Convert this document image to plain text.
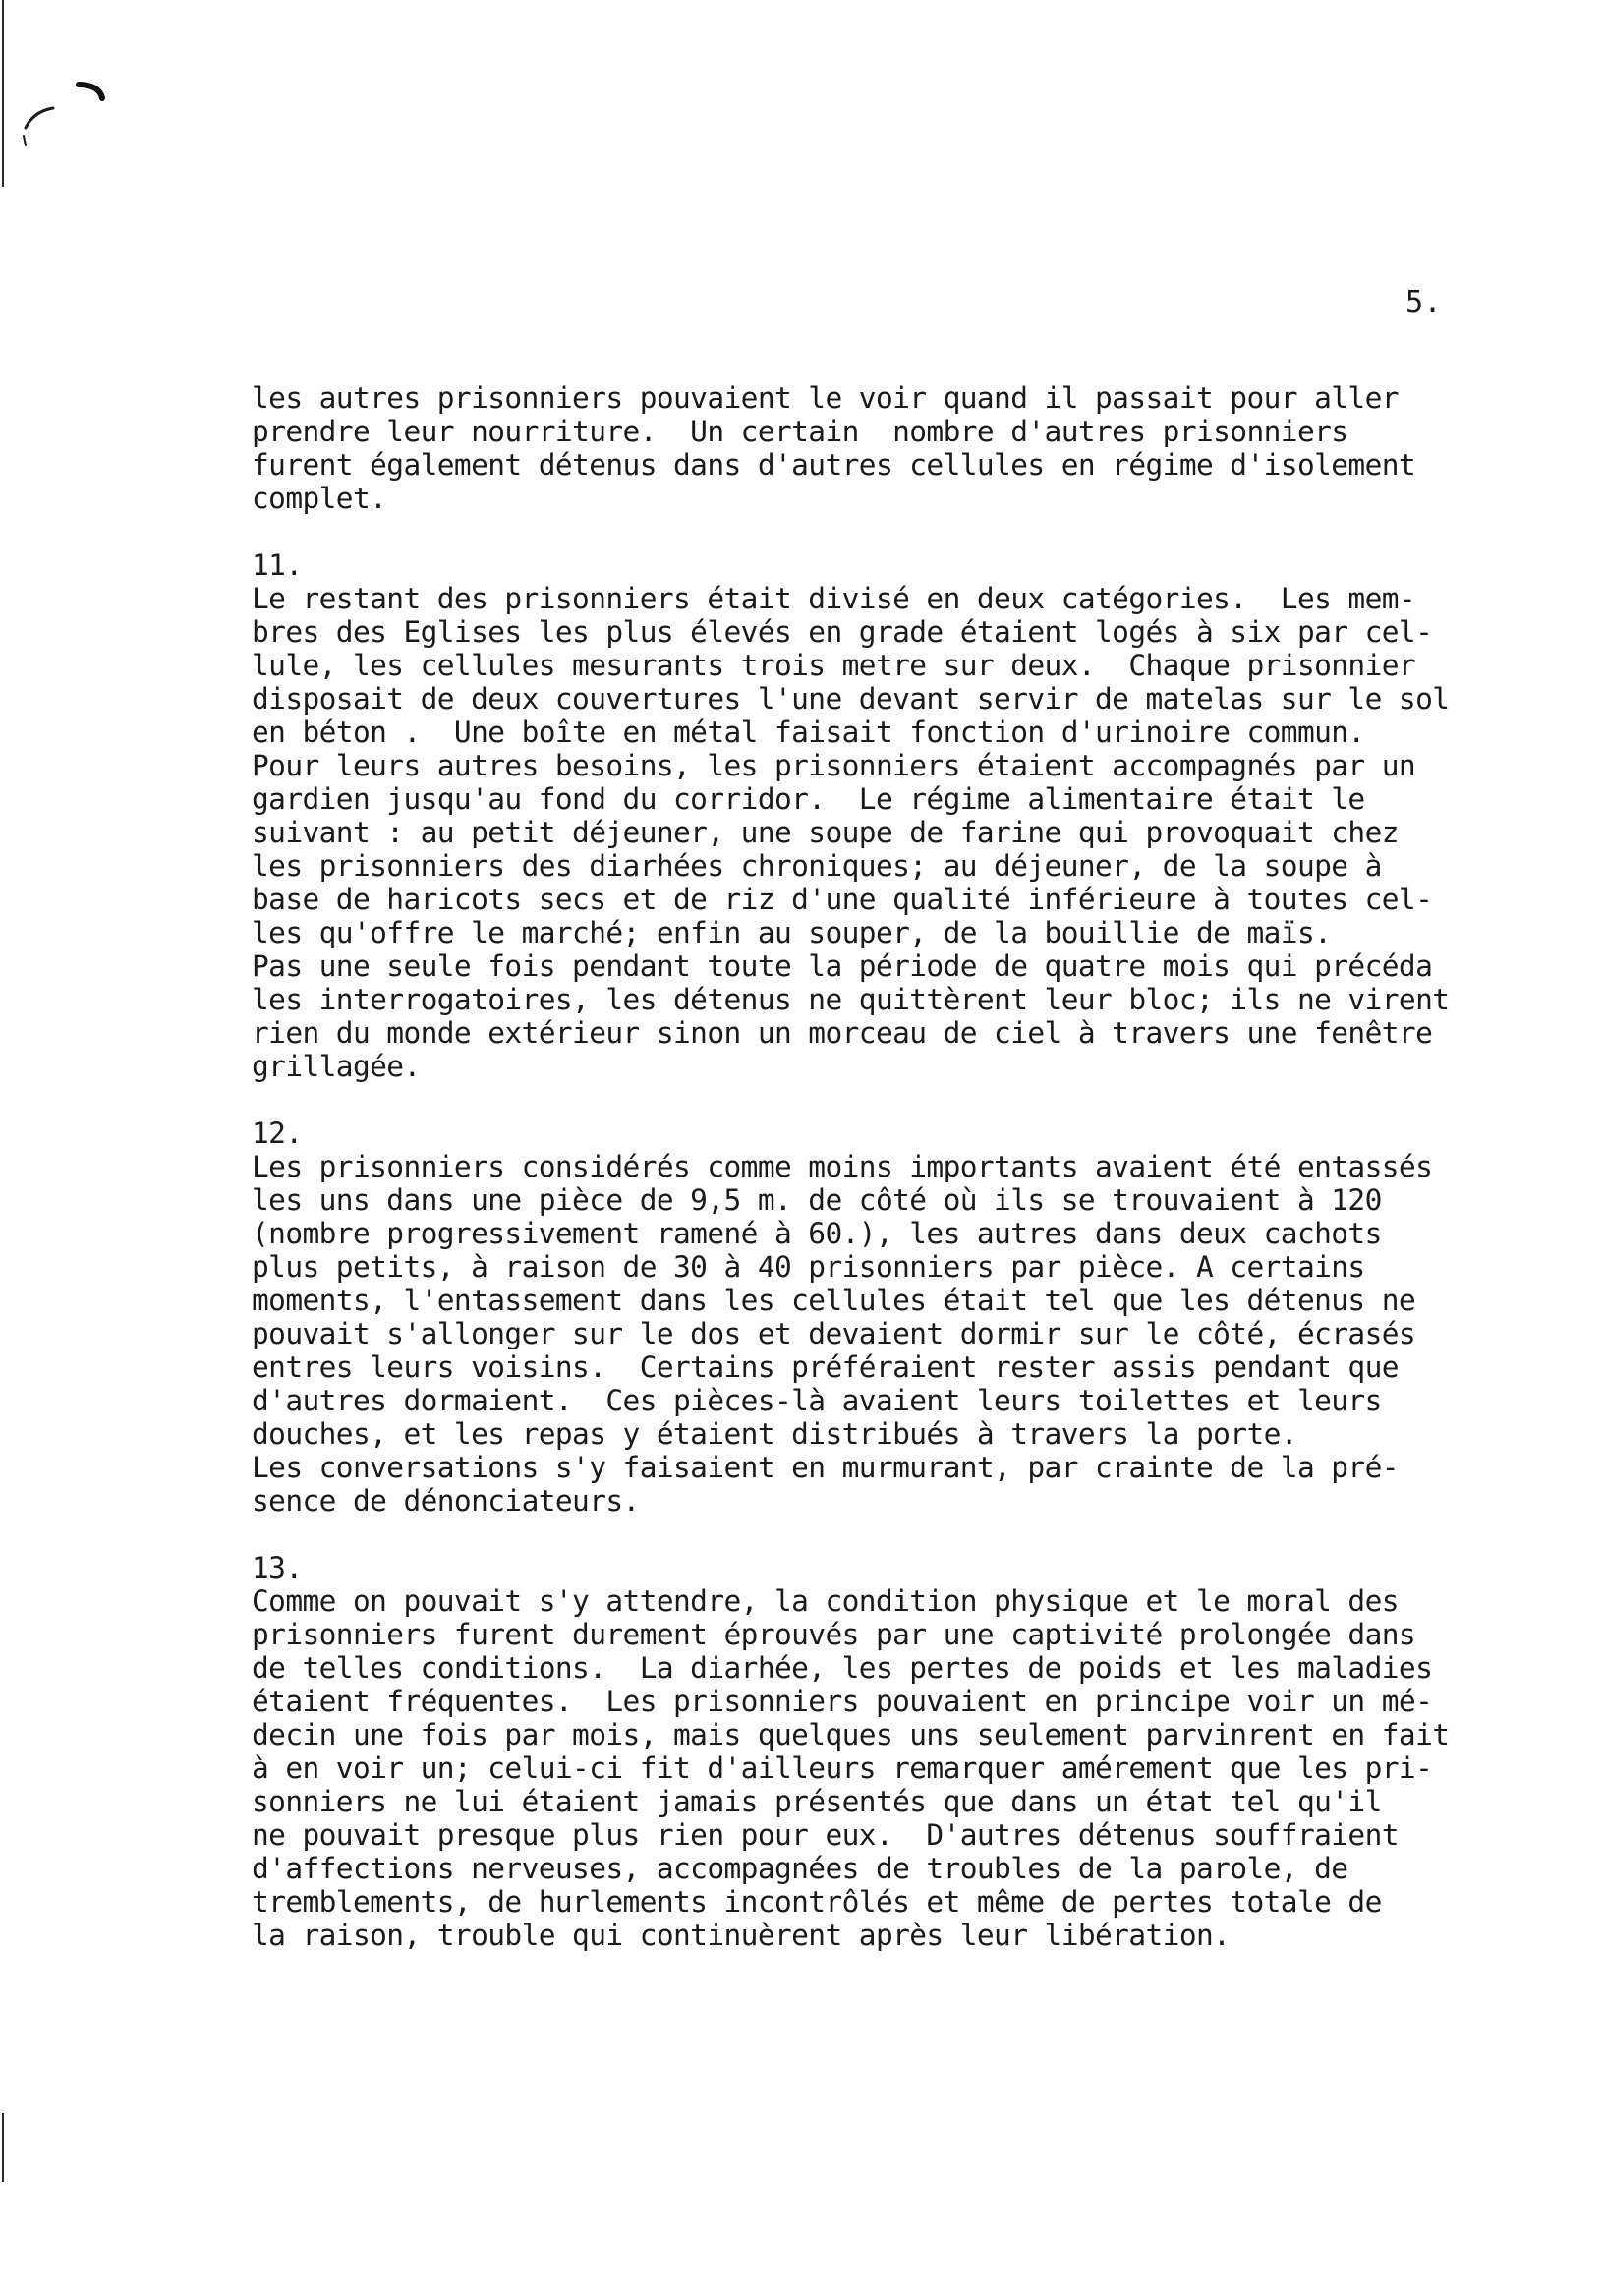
5.
les autres prisonniers pouvaient le voir quand il passait pour aller
prendre leur nourriture.  Un certain  nombre d'autres prisonniers
furent également détenus dans d'autres cellules en régime d'isolement
complet.
11.
Le restant des prisonniers était divisé en deux catégories.  Les mem-
bres des Eglises les plus élevés en grade étaient logés à six par cel-
lule, les cellules mesurants trois metre sur deux.  Chaque prisonnier
disposait de deux couvertures l'une devant servir de matelas sur le sol
en béton .  Une boîte en métal faisait fonction d'urinoire commun.
Pour leurs autres besoins, les prisonniers étaient accompagnés par un
gardien jusqu'au fond du corridor.  Le régime alimentaire était le
suivant : au petit déjeuner, une soupe de farine qui provoquait chez
les prisonniers des diarhées chroniques; au déjeuner, de la soupe à
base de haricots secs et de riz d'une qualité inférieure à toutes cel-
les qu'offre le marché; enfin au souper, de la bouillie de maïs.
Pas une seule fois pendant toute la période de quatre mois qui précéda
les interrogatoires, les détenus ne quittèrent leur bloc; ils ne virent
rien du monde extérieur sinon un morceau de ciel à travers une fenêtre
grillagée.
12.
Les prisonniers considérés comme moins importants avaient été entassés
les uns dans une pièce de 9,5 m. de côté où ils se trouvaient à 120
(nombre progressivement ramené à 60.), les autres dans deux cachots
plus petits, à raison de 30 à 40 prisonniers par pièce. A certains
moments, l'entassement dans les cellules était tel que les détenus ne
pouvait s'allonger sur le dos et devaient dormir sur le côté, écrasés
entres leurs voisins.  Certains préféraient rester assis pendant que
d'autres dormaient.  Ces pièces-là avaient leurs toilettes et leurs
douches, et les repas y étaient distribués à travers la porte.
Les conversations s'y faisaient en murmurant, par crainte de la pré-
sence de dénonciateurs.
13.
Comme on pouvait s'y attendre, la condition physique et le moral des
prisonniers furent durement éprouvés par une captivité prolongée dans
de telles conditions.  La diarhée, les pertes de poids et les maladies
étaient fréquentes.  Les prisonniers pouvaient en principe voir un mé-
decin une fois par mois, mais quelques uns seulement parvinrent en fait
à en voir un; celui-ci fit d'ailleurs remarquer amérement que les pri-
sonniers ne lui étaient jamais présentés que dans un état tel qu'il
ne pouvait presque plus rien pour eux.  D'autres détenus souffraient
d'affections nerveuses, accompagnées de troubles de la parole, de
tremblements, de hurlements incontrôlés et même de pertes totale de
la raison, trouble qui continuèrent après leur libération.
